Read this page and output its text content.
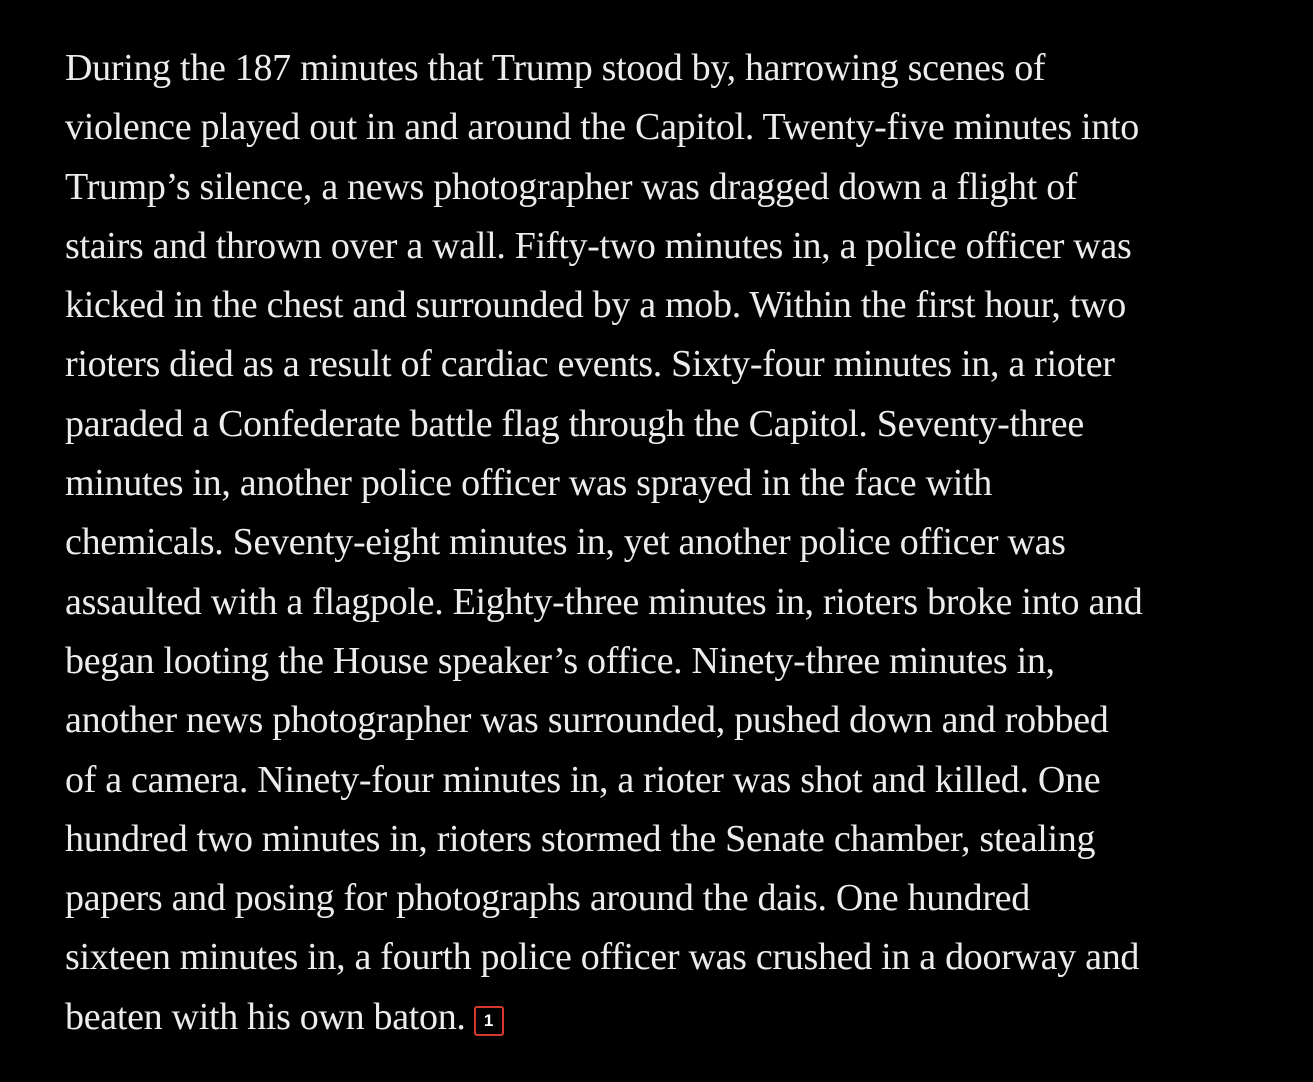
During the 187 minutes that Trump stood by, harrowing scenes of
violence played out in and around the Capitol. Twenty-five minutes into
Trump’s silence, a news photographer was dragged down a flight of
stairs and thrown over a wall. Fifty-two minutes in, a police officer was
kicked in the chest and surrounded by a mob. Within the first hour, two
rioters died as a result of cardiac events. Sixty-four minutes in, a rioter
paraded a Confederate battle flag through the Capitol. Seventy-three
minutes in, another police officer was sprayed in the face with
chemicals. Seventy-eight minutes in, yet another police officer was
assaulted with a flagpole. Eighty-three minutes in, rioters broke into and
began looting the House speaker’s office. Ninety-three minutes in,
another news photographer was surrounded, pushed down and robbed
of a camera. Ninety-four minutes in, a rioter was shot and killed. One
hundred two minutes in, rioters stormed the Senate chamber, stealing
papers and posing for photographs around the dais. One hundred
sixteen minutes in, a fourth police officer was crushed in a doorway and
beaten with his own baton. 1
